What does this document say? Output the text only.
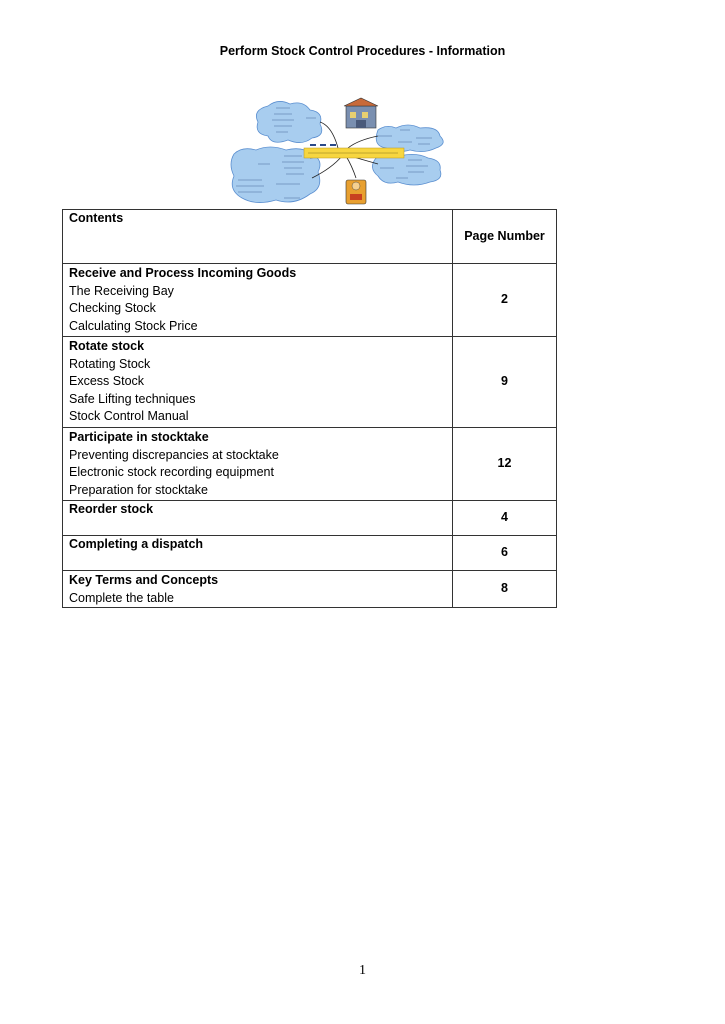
Perform Stock Control Procedures - Information
Contents	Page Number

Receive and Process Incoming Goods
The Receiving Bay
Checking Stock
Calculating Stock Price	2

Rotate stock
Rotating Stock
Excess Stock
Safe Lifting techniques
Stock Control Manual	9

Participate in stocktake
Preventing discrepancies at stocktake
Electronic stock recording equipment
Preparation for stocktake	12

Reorder stock	4

Completing a dispatch	6

Key Terms and Concepts
Complete the table	8
1
